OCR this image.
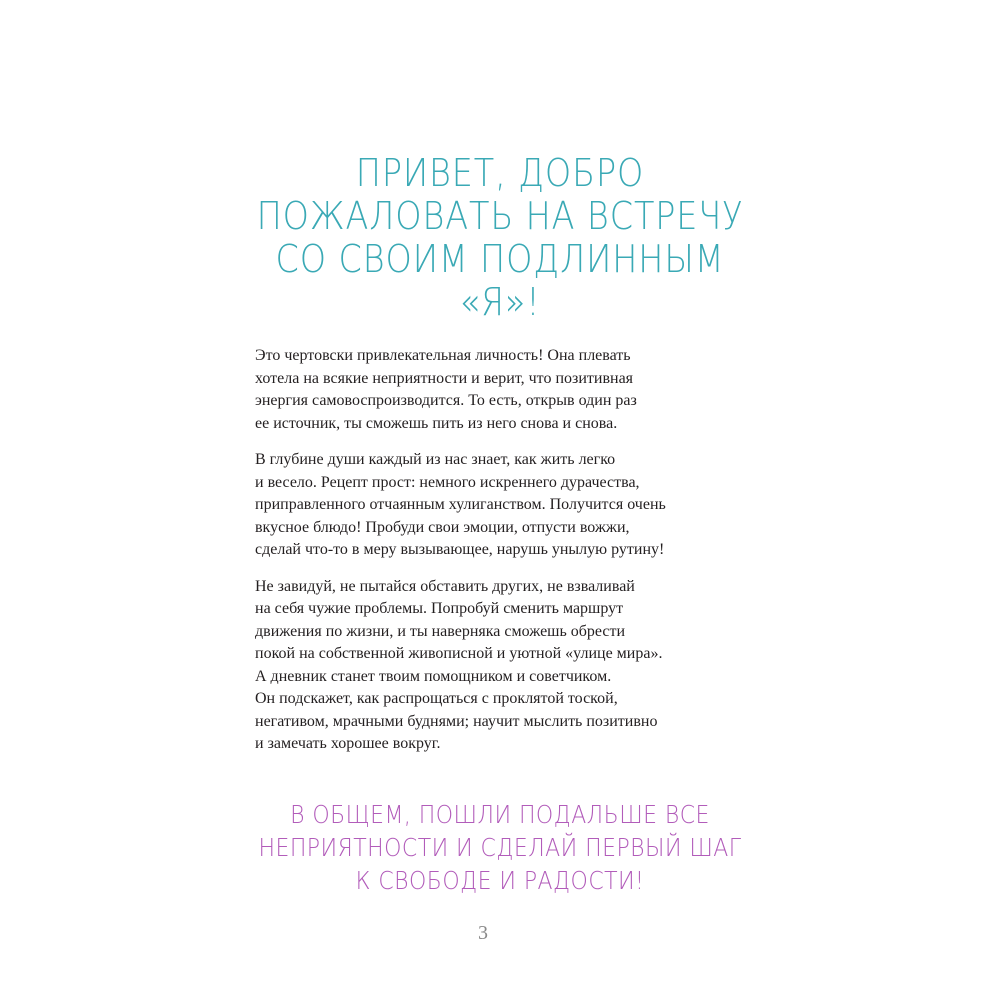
ПРИВЕТ, ДОБРО
ПОЖАЛОВАТЬ НА ВСТРЕЧУ
СО СВОИМ ПОДЛИННЫМ
«Я»!

Это чертовски привлекательная личность! Она плевать
хотела на всякие неприятности и верит, что позитивная
энергия самовоспроизводится. То есть, открыв один раз
ее источник, ты сможешь пить из него снова и снова.

В глубине души каждый из нас знает, как жить легко
и весело. Рецепт прост: немного искреннего дурачества,
приправленного отчаянным хулиганством. Получится очень
вкусное блюдо! Пробуди свои эмоции, отпусти вожжи,
сделай что-то в меру вызывающее, нарушь унылую рутину!

Не завидуй, не пытайся обставить других, не взваливай
на себя чужие проблемы. Попробуй сменить маршрут
движения по жизни, и ты наверняка сможешь обрести
покой на собственной живописной и уютной «улице мира».
А дневник станет твоим помощником и советчиком.
Он подскажет, как распрощаться с проклятой тоской,
негативом, мрачными буднями; научит мыслить позитивно
и замечать хорошее вокруг.

В ОБЩЕМ, ПОШЛИ ПОДАЛЬШЕ ВСЕ
НЕПРИЯТНОСТИ И СДЕЛАЙ ПЕРВЫЙ ШАГ
К СВОБОДЕ И РАДОСТИ!
3
